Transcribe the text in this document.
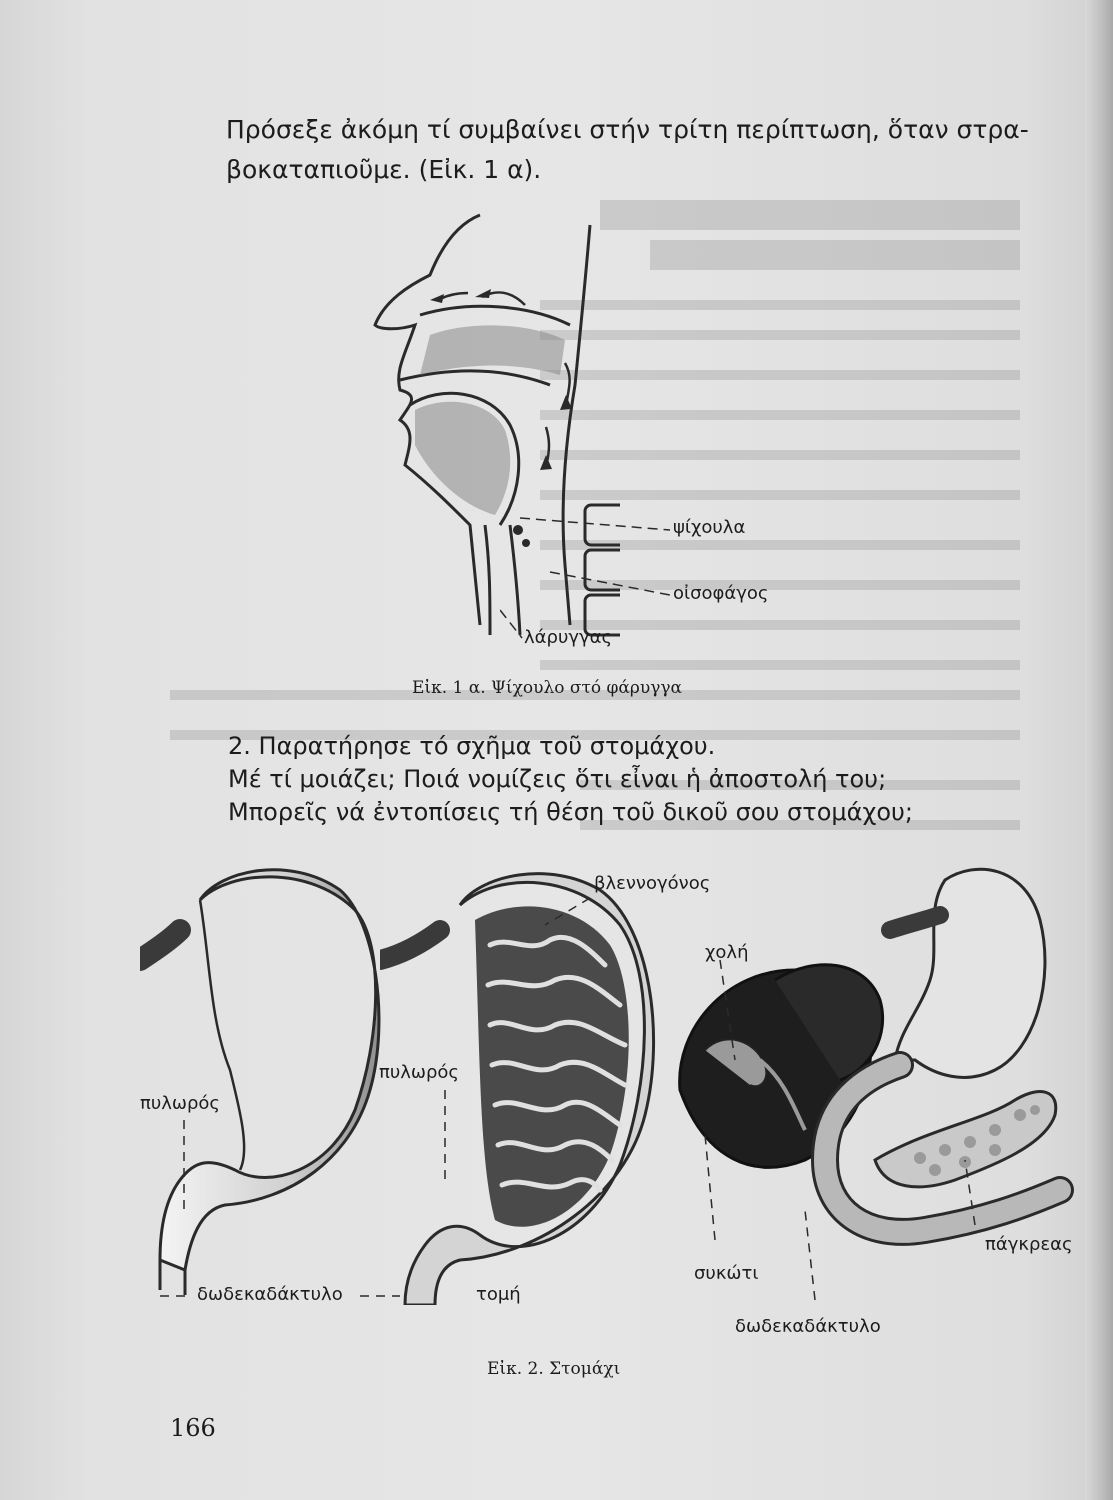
Πρόσεξε ἀκόμη τί συμβαίνει στήν τρίτη περίπτωση, ὅταν στρα-
βοκαταπιοῦμε. (Εἰκ. 1 α).
ψίχουλα
οἰσοφάγος
λάρυγγας
Εἰκ. 1 α. Ψίχουλο στό φάρυγγα
2. Παρατήρησε τό σχῆμα τοῦ στομάχου.
Μέ τί μοιάζει; Ποιά νομίζεις ὅτι εἶναι ἡ ἀποστολή του;
Μπορεῖς νά ἐντοπίσεις τή θέση τοῦ δικοῦ σου στομάχου;
πυλωρός
πυλωρός
βλεννογόνος
δωδεκαδάκτυλο	τομή
χολή
συκώτι
δωδεκαδάκτυλο
πάγκρεας
Εἰκ. 2. Στομάχι
166
